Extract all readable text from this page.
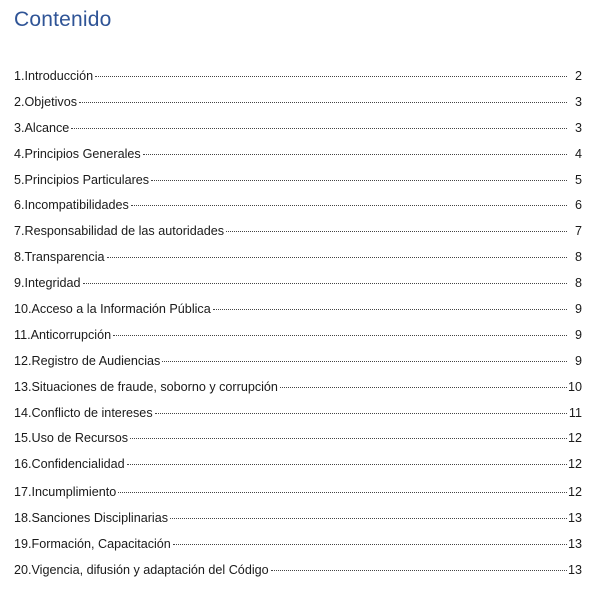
Contenido
1.Introducción	2
2.Objetivos	3
3.Alcance	3
4.Principios Generales	4
5.Principios Particulares	5
6.Incompatibilidades	6
7.Responsabilidad de las autoridades	7
8.Transparencia	8
9.Integridad	8
10.Acceso a la Información Pública	9
11.Anticorrupción	9
12.Registro de Audiencias	9
13.Situaciones de fraude, soborno y corrupción	10
14.Conflicto de intereses	11
15.Uso de Recursos	12
16.Confidencialidad	12
17.Incumplimiento	12
18.Sanciones Disciplinarias	13
19.Formación, Capacitación	13
20.Vigencia, difusión y adaptación del Código	13
